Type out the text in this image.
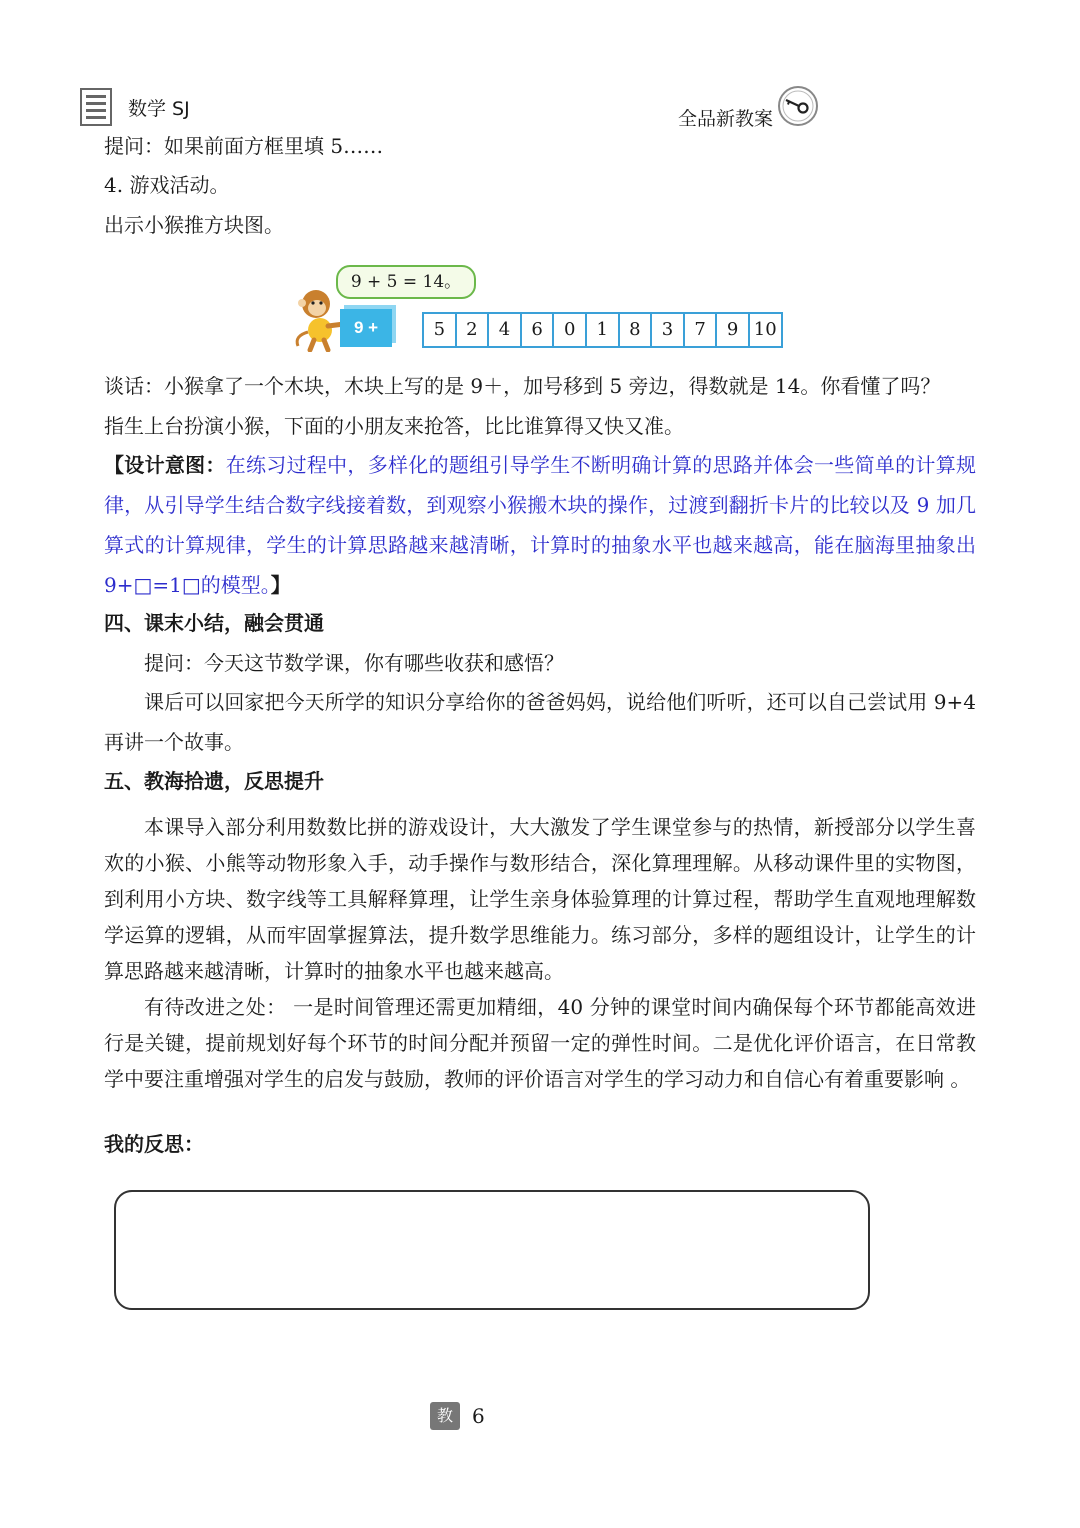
数学 SJ	全品新教案
提问：如果前面方框里填 5……
4. 游戏活动。
出示小猴推方块图。
9 + 5 = 14。
9 +	5	2	4	6	0	1	8	3	7	9 10
谈话：小猴拿了一个木块，木块上写的是 9＋，加号移到 5 旁边，得数就是 14。你看懂了吗？
指生上台扮演小猴，下面的小朋友来抢答，比比谁算得又快又准。
【设计意图：在练习过程中，多样化的题组引导学生不断明确计算的思路并体会一些简单的计算规律，从引导学生结合数字线接着数，到观察小猴搬木块的操作，过渡到翻折卡片的比较以及 9 加几算式的计算规律，学生的计算思路越来越清晰，计算时的抽象水平也越来越高，能在脑海里抽象出 9+□=1□的模型。】
四、课末小结，融会贯通
提问：今天这节数学课，你有哪些收获和感悟？
课后可以回家把今天所学的知识分享给你的爸爸妈妈，说给他们听听，还可以自己尝试用 9+4 再讲一个故事。
五、教海拾遗，反思提升
本课导入部分利用数数比拼的游戏设计，大大激发了学生课堂参与的热情，新授部分以学生喜欢的小猴、小熊等动物形象入手，动手操作与数形结合，深化算理理解。从移动课件里的实物图，到利用小方块、数字线等工具解释算理，让学生亲身体验算理的计算过程，帮助学生直观地理解数学运算的逻辑，从而牢固掌握算法，提升数学思维能力。练习部分，多样的题组设计，让学生的计算思路越来越清晰，计算时的抽象水平也越来越高。
有待改进之处： 一是时间管理还需更加精细，40 分钟的课堂时间内确保每个环节都能高效进行是关键，提前规划好每个环节的时间分配并预留一定的弹性时间。二是优化评价语言，在日常教学中要注重增强对学生的启发与鼓励，教师的评价语言对学生的学习动力和自信心有着重要影响 。
我的反思：
教 6
